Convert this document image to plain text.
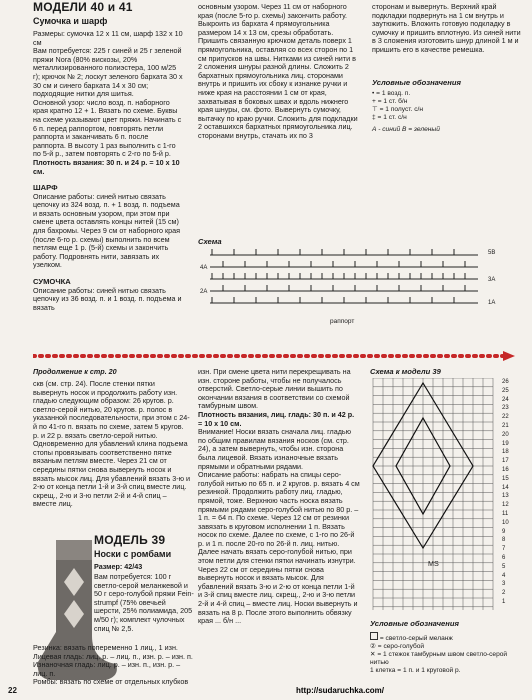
МОДЕЛИ 40 и 41
Сумочка и шарф
Размеры: сумочка 12 x 11 см, шарф 132 x 10 см
Вам потребуется: 225 г синей и 25 г зеленой пряжи Nora (80% вискозы, 20% металлизированного полиэстера, 100 м/25 г); крючок № 2; лоскут зеленого бархата 30 x 30 см и синего бархата 14 x 30 см; подходящие нитки для шитья.
Основной узор: число возд. п. наборного края кратно 12 + 1. Вязать по схеме. Буквы на схеме указывают цвет пряжи. Начинать с 6 п. перед раппортом, повторять петли раппорта и заканчивать 6 п. после раппорта. В высоту 1 раз выполнить с 1-го по 5-й р., затем повторять с 2-го по 5-й р.
Плотность вязания: 30 п. и 24 р. = 10 x 10 см.
ШАРФ
Описание работы: синей нитью связать цепочку из 324 возд. п. + 1 возд. п. подъема и вязать основным узором, при этом при смене цвета оставлять концы нитей (15 см) для бахромы. Через 9 см от наборного края (после 6-го р. схемы) выполнить по всем петлям еще 1 р. (5-й) схемы и закончить работу. Подровнять нити, завязать их узелком.
СУМОЧКА
Описание работы: синей нитью связать цепочку из 36 возд. п. и 1 возд. п. подъема и вязать
основным узором. Через 11 см от наборного края (после 5-го р. схемы) закончить работу. Выкроить из бархата 4 прямоугольника размером 14 x 13 см, срезы обработать. Пришить связанную крючком деталь поверх 1 прямоугольника, оставляя со всех сторон по 1 см припусков на швы. Нитками из синей нити в 2 сложения шнуры разной длины. Сложить 2 бархатных прямоугольника лиц. сторонами внутрь и пришить их сбоку к изнанке ручки и ниже края на расстоянии 1 см от края, захватывая в боковых швах и вдоль нижнего края шнуры, см. фото. Вывернуть сумочку, вытачку по краю ручки. Сложить для подкладки 2 оставшихся бархатных прямоугольника лиц. сторонами внутрь, стачать их по 3
сторонам и вывернуть. Верхний край подкладки подвернуть на 1 см внутрь и заутюжить. Вложить готовую подкладку в сумочку и пришить вплотную. Из синей нити в 3 сложения изготовить шнур длиной 1 м и пришить его в качестве ремешка.
Условные обозначения
• = 1 возд. п.
+ = 1 ст. б/н
⊤ = 1 полуст. с/н
‡ = 1 ст. с/н
А - синий В = зеленый
Схема
5В
4А
3А
2А
1А
раппорт
Продолжение к стр. 20
скв (см. стр. 24). После стенки пятки вывернуть носок и продолжить работу изн. гладью следующим образом: 26 кругов. р. светло-серой нитью, 20 кругов. р. полос в указанной последовательности, при этом с 24-й по 41-го п. вязать по схеме, затем 5 кругов. р. и 22 р. вязать светло-серой нитью. Одновременно для убавлений клина подъема стопы провязывать соответственно пятке вязаным петлям вместе. Через 21 см от середины пятки снова вывернуть носок и вязать мысок лиц. Для убавлений вязать 3-ю и 2-ю от конца петли 1-й и 3-й спиц вместе лиц. скрещ., 2-ю и 3-ю петли 2-й и 4-й спиц – вместе лиц.
изн. При смене цвета нити перекрещивать на изн. стороне работы, чтобы не получалось отверстий. Светло-серые линии вышить по окончании вязания в соответствии со схемой тамбурным швом.
Плотность вязания, лиц. гладь: 30 п. и 42 р. = 10 x 10 см.
Внимание! Носки вязать сначала лиц. гладью по общим правилам вязания носков (см. стр. 24), а затем вывернуть, чтобы изн. сторона была лицевой. Вязать изнаночные вязать прямыми и обратными рядами.
Описание работы: набрать на спицы серо-голубой нитью по 65 п. и 2 кругов. р. вязать 4 см резинкой. Продолжить работу лиц. гладью, прямой, тоже. Верхнюю часть носка вязать прямыми рядами серо-голубой нитью по 80 р. – 1 п. = 64 п. По схеме. Через 12 см от резинки завязать в круговом исполнении 1 п. Вязать носок по схеме. Далее по схеме, с 1-го по 26-й р. и 1 п. после 20-го по 26-й п. лиц. нитью. Далее начать вязать серо-голубой нитью, при этом петли для стенки пятки начинать изнутри. Через 22 см от середины пятки снова вывернуть носок и вязать мысок. Для убавлений вязать 3-ю и 2-ю от конца петли 1-й и 3-й спиц вместе лиц. скрещ., 2-ю и 3-ю петли 2-й и 4-й спиц – вместе лиц. Носки вывернуть и вязать на 8 р. После этого выполнить обвязку края ... б/н ...
МОДЕЛЬ 39
Носки с ромбами
Размер: 42/43
Вам потребуется: 100 г светло-серой меланжевой и 50 г серо-голубой пряжи Fein-strumpf (75% овечьей шерсти, 25% полиамида, 205 м/50 г); комплект чулочных спиц № 2,5.
Резинка: вязать попеременно 1 лиц., 1 изн.
Лицевая гладь: лиц. р. – лиц. п., изн. р. – изн. п.
Изнаночная гладь: лиц. р. – изн. п., изн. р. – лиц. п.
Ромбы: вязать по схеме от отдельных клубков
Схема к модели 39
26
25
24
23
22
21
20
19
18
17
16
15
14
13
12
11
10
9
8
7
6
5
4
3
2
1
MS
Условные обозначения
= светло-серый меланж
② = серо-голубой
✕ = 1 стежок тамбурным швом светло-серой нитью
1 клетка = 1 п. и 1 круговой р.
22	http://sudaruchka.com/
